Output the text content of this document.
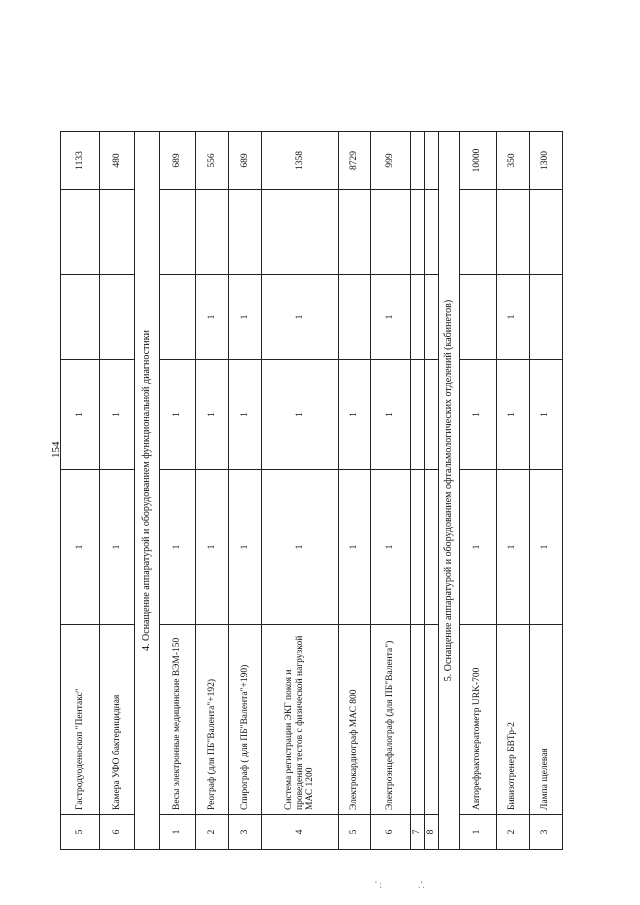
154
5	Гастродуоденоскоп "Пентакс"	1	1			1133
6	Камера УФО бактерицидная	1	1			480
4. Оснащение аппаратурой и оборудованием функциональной диагностики						
1	Весы электронные медицинские ВЭМ-150	1	1			689
2	Реограф (для ПБ"Валента"+192)	1	1	1		556
3	Спирограф ( для ПБ"Валента"+190)	1	1	1		689
4	Система регистрации ЭКГ покоя и проведения тестов с физической нагрузкой МАС 1200	1	1	1		1358
5	Электрокардиограф МАС 800	1	1			8729
6	Электроэнцефалограф (для ПБ"Валента")	1	1	1		999
7						
8						
5. Оснащение аппаратурой и оборудованием офтальмологических отделений (кабинетов)						
1	Авторефрактокератометр URK-700	1	1			10000
2	Бивизотренер БВТр-2	1	1	1		350
3	Лампа щелевая	1	1			1300
' :	.'.
